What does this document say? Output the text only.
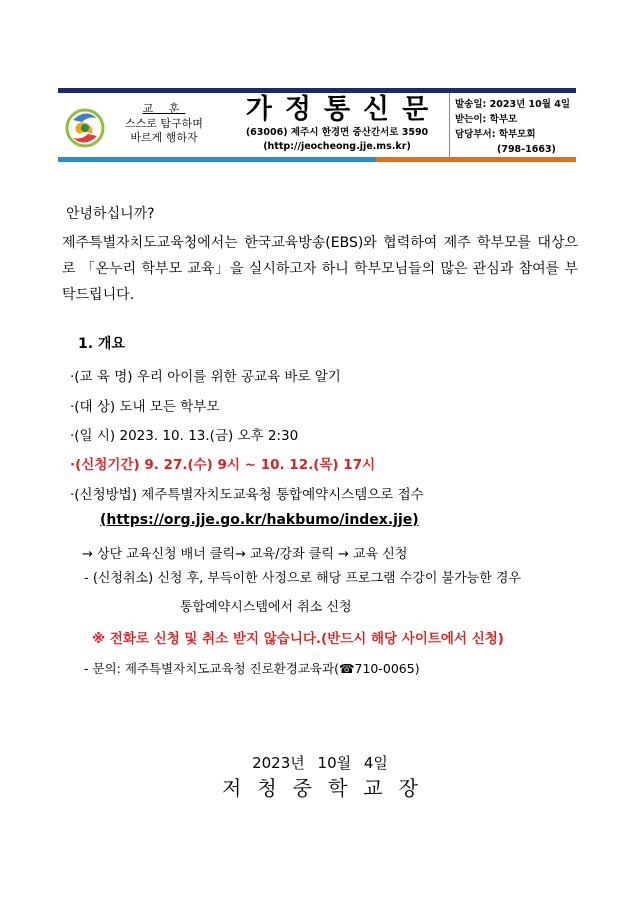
교 훈
스스로 탐구하며
바르게 행하자
가정통신문
(63006) 제주시 한경면 중산간서로 3590
(http://jeocheong.jje.ms.kr)
발송일: 2023년 10월 4일
받는이: 학부모
담당부서: 학부모회
(798-1663)
안녕하십니까?
제주특별자치도교육청에서는 한국교육방송(EBS)와 협력하여 제주 학부모를 대상으로 「온누리 학부모 교육」을 실시하고자 하니 학부모님들의 많은 관심과 참여를 부탁드립니다.
1. 개요
·(교 육 명) 우리 아이를 위한 공교육 바로 알기
·(대 상) 도내 모든 학부모
·(일 시) 2023. 10. 13.(금) 오후 2:30
·(신청기간) 9. 27.(수) 9시 ~ 10. 12.(목) 17시
·(신청방법) 제주특별자치도교육청 통합예약시스템으로 접수
(https://org.jje.go.kr/hakbumo/index.jje)
→ 상단 교육신청 배너 클릭→ 교육/강좌 클릭 → 교육 신청
- (신청취소) 신청 후, 부득이한 사정으로 해당 프로그램 수강이 불가능한 경우
통합예약시스템에서 취소 신청
※ 전화로 신청 및 취소 받지 않습니다.(반드시 해당 사이트에서 신청)
- 문의: 제주특별자치도교육청 진로환경교육과(☎710-0065)
2023년 10월 4일
저청중학교장
